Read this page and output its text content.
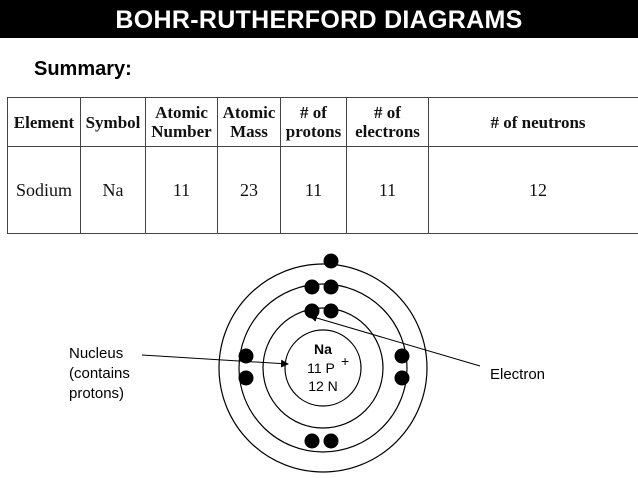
BOHR-RUTHERFORD DIAGRAMS
Summary:
Element	Symbol	Atomic Number	Atomic Mass	# of protons	# of electrons	# of neutrons
Sodium	Na	11	23	11	11	12
Na
11 P +
12 N
Nucleus
(contains
protons)
Electron
